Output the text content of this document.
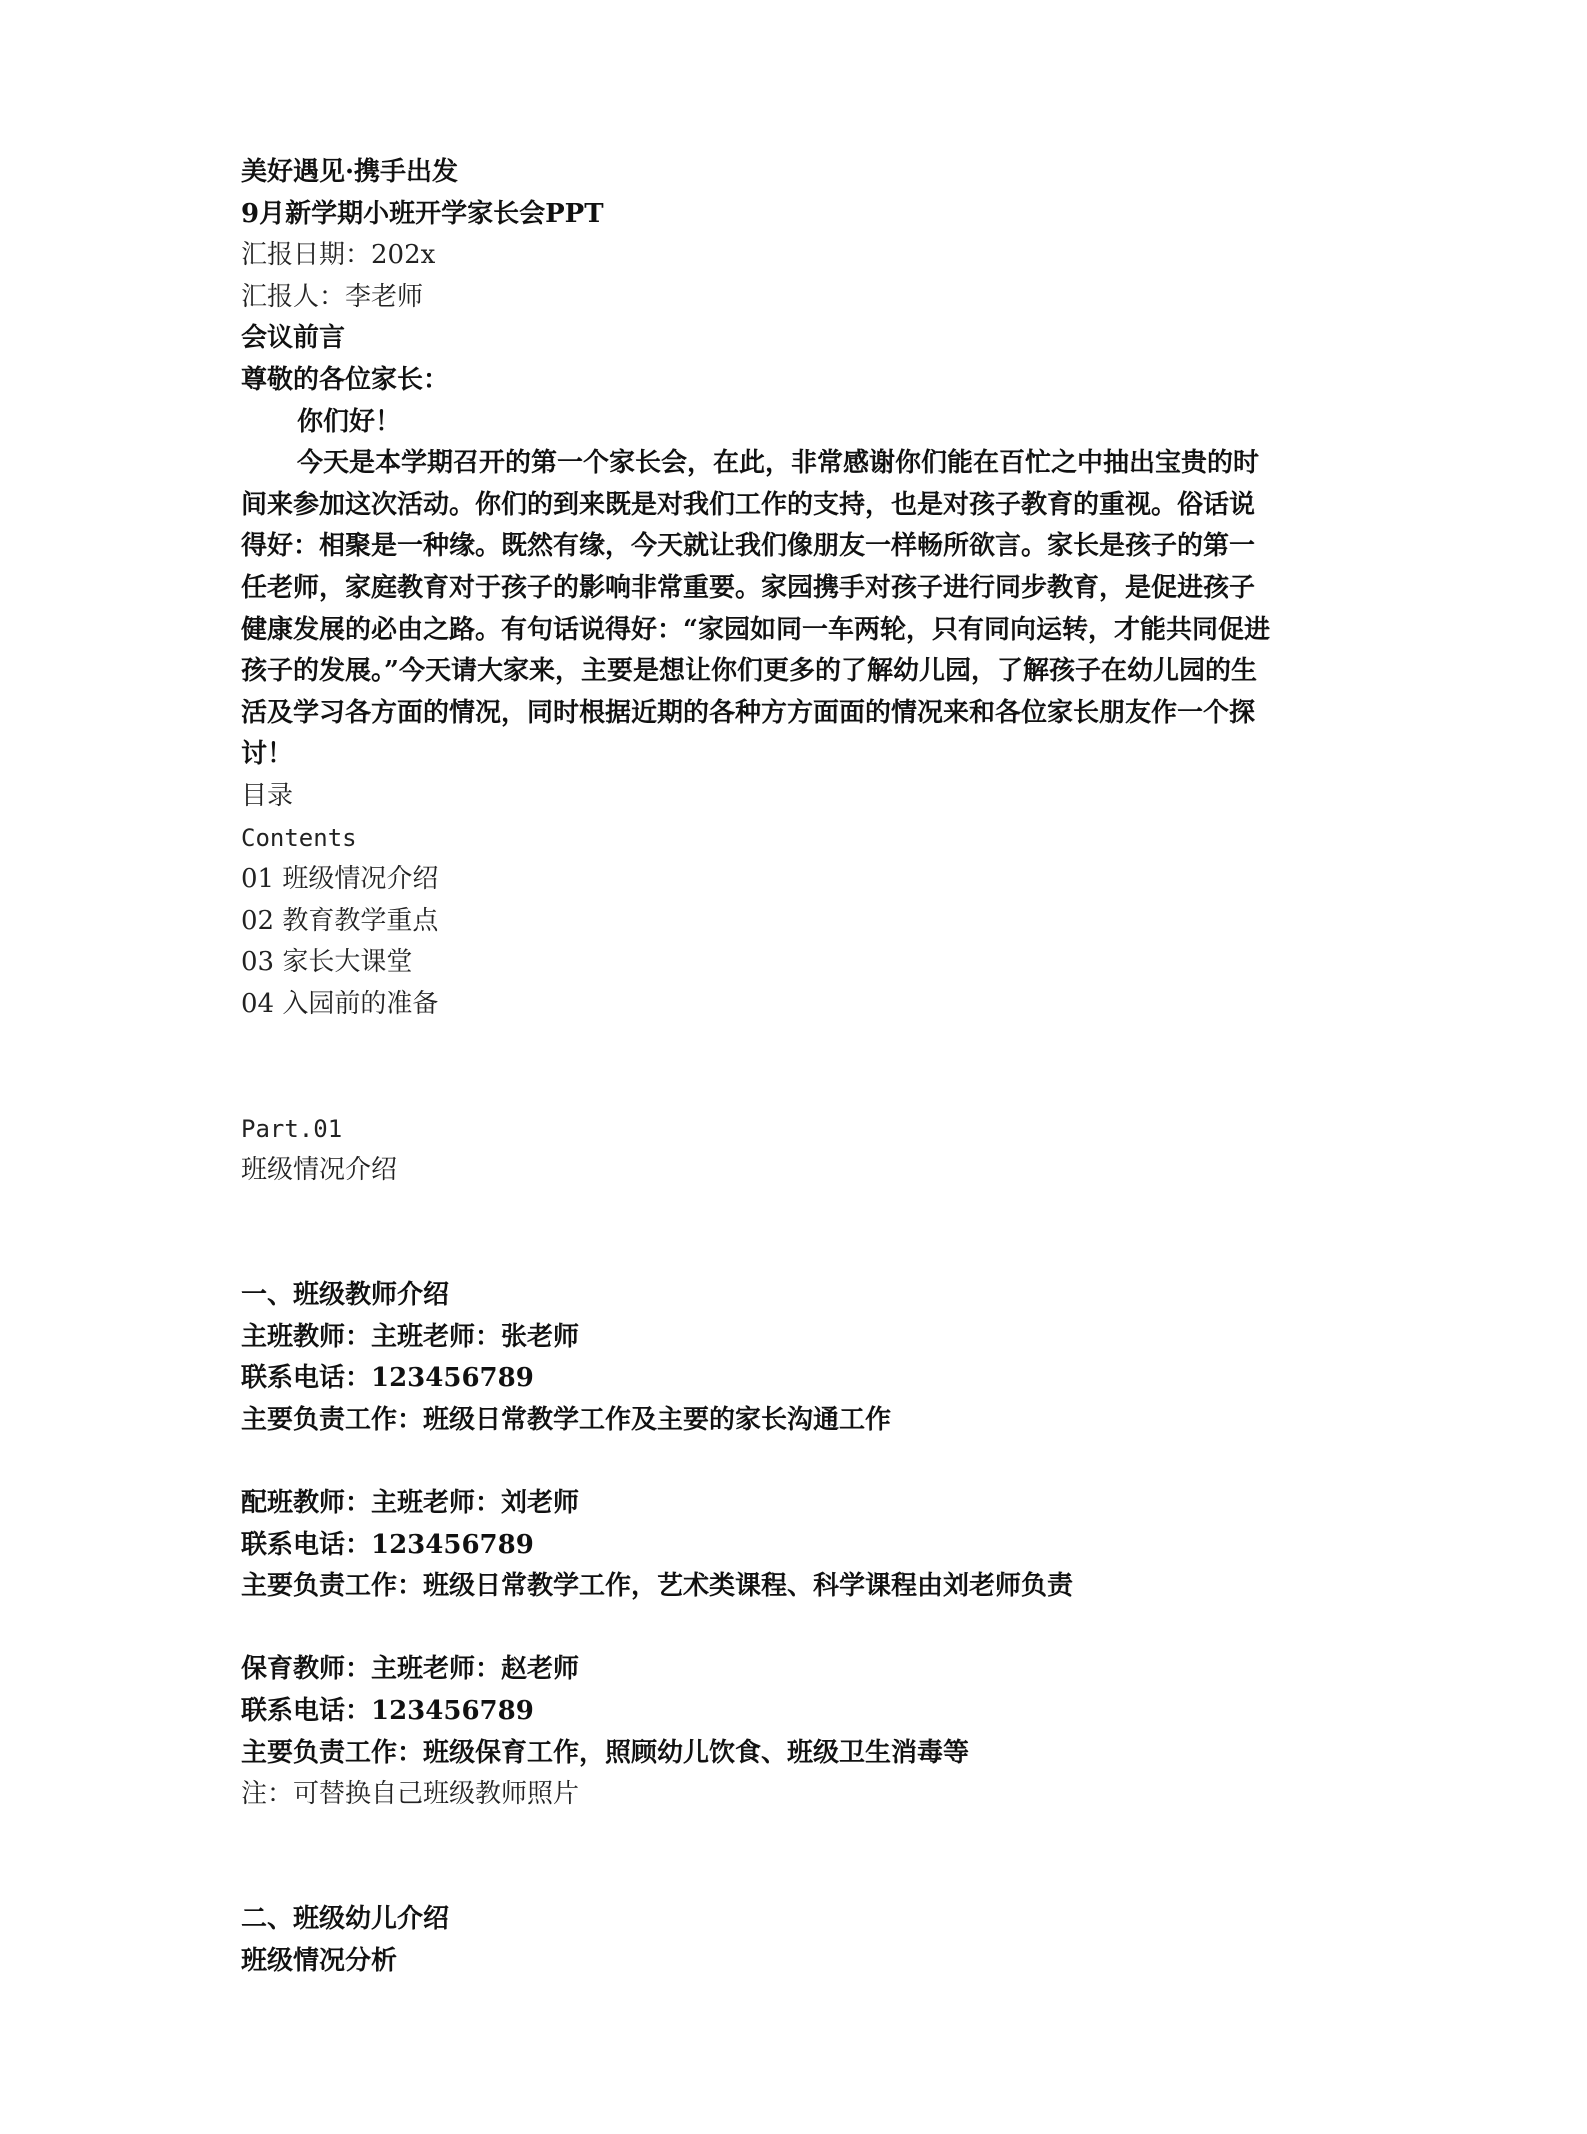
美好遇见·携手出发
9月新学期小班开学家长会PPT
汇报日期：202x
汇报人：李老师
会议前言
尊敬的各位家长：
你们好！
今天是本学期召开的第一个家长会，在此，非常感谢你们能在百忙之中抽出宝贵的时
间来参加这次活动。你们的到来既是对我们工作的支持，也是对孩子教育的重视。俗话说
得好：相聚是一种缘。既然有缘，今天就让我们像朋友一样畅所欲言。家长是孩子的第一
任老师，家庭教育对于孩子的影响非常重要。家园携手对孩子进行同步教育，是促进孩子
健康发展的必由之路。有句话说得好：“家园如同一车两轮，只有同向运转，才能共同促进
孩子的发展。”今天请大家来，主要是想让你们更多的了解幼儿园，了解孩子在幼儿园的生
活及学习各方面的情况，同时根据近期的各种方方面面的情况来和各位家长朋友作一个探
讨！
目录
Contents
01 班级情况介绍
02 教育教学重点
03 家长大课堂
04 入园前的准备
Part.01
班级情况介绍
一、班级教师介绍
主班教师：主班老师：张老师
联系电话：123456789
主要负责工作：班级日常教学工作及主要的家长沟通工作
配班教师：主班老师：刘老师
联系电话：123456789
主要负责工作：班级日常教学工作，艺术类课程、科学课程由刘老师负责
保育教师：主班老师：赵老师
联系电话：123456789
主要负责工作：班级保育工作，照顾幼儿饮食、班级卫生消毒等
注：可替换自己班级教师照片
二、班级幼儿介绍
班级情况分析
